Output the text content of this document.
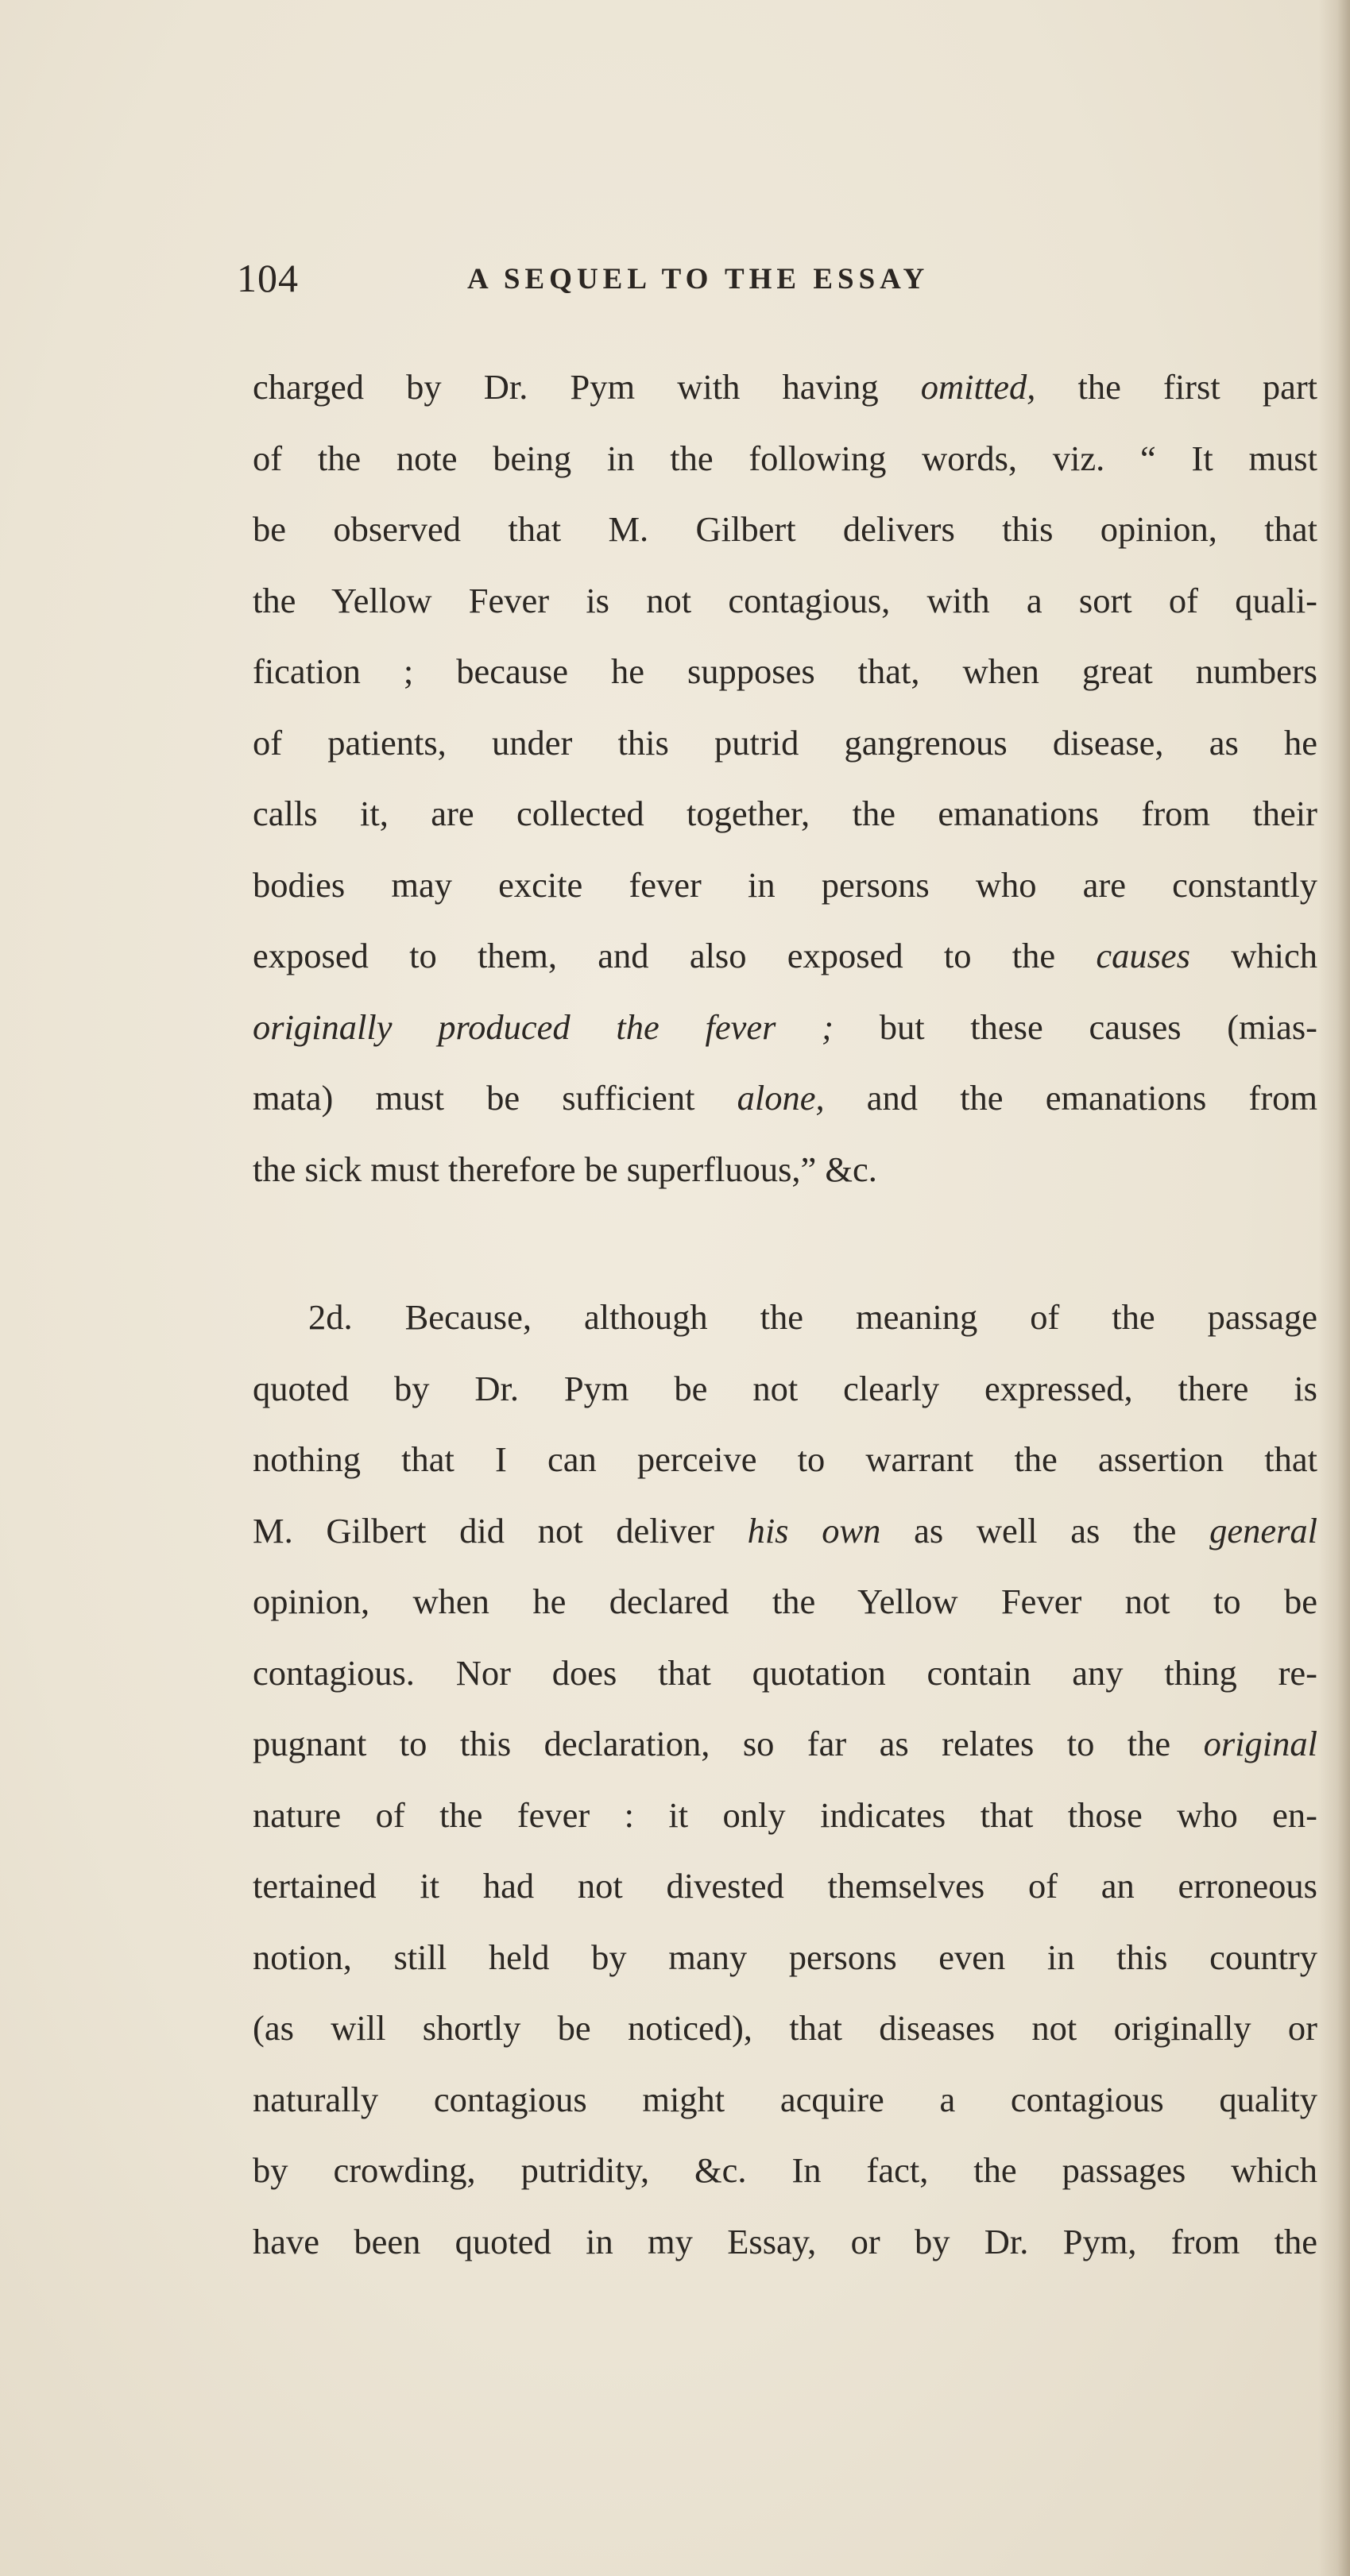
104	A SEQUEL TO THE ESSAY
charged by Dr. Pym with having omitted, the first part
of the note being in the following words, viz. “ It must
be observed that M. Gilbert delivers this opinion, that
the Yellow Fever is not contagious, with a sort of quali-
fication ; because he supposes that, when great numbers
of patients, under this putrid gangrenous disease, as he
calls it, are collected together, the emanations from their
bodies may excite fever in persons who are constantly
exposed to them, and also exposed to the causes which
originally produced the fever ; but these causes (mias-
mata) must be sufficient alone, and the emanations from
the sick must therefore be superfluous,” &c.
2d. Because, although the meaning of the passage
quoted by Dr. Pym be not clearly expressed, there is
nothing that I can perceive to warrant the assertion that
M. Gilbert did not deliver his own as well as the general
opinion, when he declared the Yellow Fever not to be
contagious. Nor does that quotation contain any thing re-
pugnant to this declaration, so far as relates to the original
nature of the fever : it only indicates that those who en-
tertained it had not divested themselves of an erroneous
notion, still held by many persons even in this country
(as will shortly be noticed), that diseases not originally or
naturally contagious might acquire a contagious quality
by crowding, putridity, &c. In fact, the passages which
have been quoted in my Essay, or by Dr. Pym, from the
